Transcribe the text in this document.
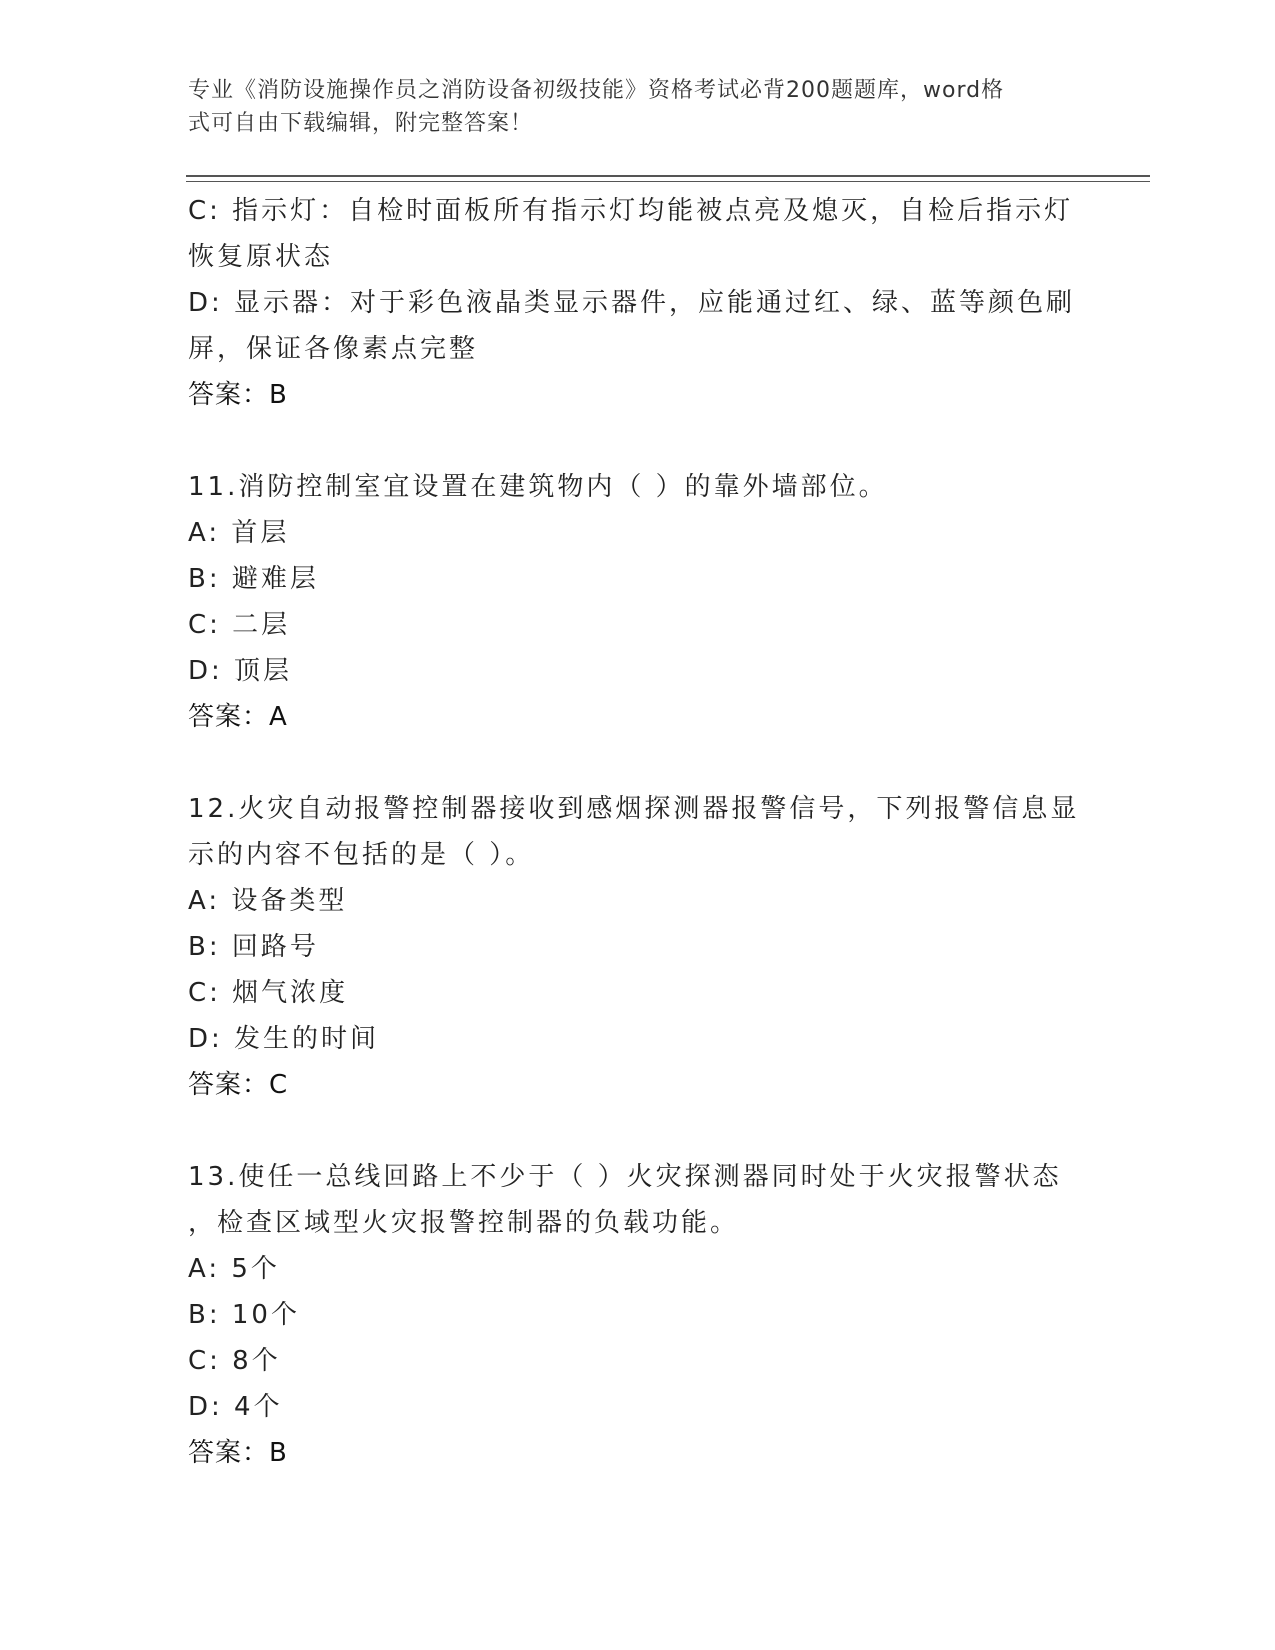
专业《消防设施操作员之消防设备初级技能》资格考试必背200题题库，word格
式可自由下载编辑，附完整答案！
C: 指示灯：自检时面板所有指示灯均能被点亮及熄灭，自检后指示灯
恢复原状态
D: 显示器：对于彩色液晶类显示器件，应能通过红、绿、蓝等颜色刷
屏，保证各像素点完整
答案：B
11.消防控制室宜设置在建筑物内（ ）的靠外墙部位。
A: 首层
B: 避难层
C: 二层
D: 顶层
答案：A
12.火灾自动报警控制器接收到感烟探测器报警信号，下列报警信息显
示的内容不包括的是（ ）。
A: 设备类型
B: 回路号
C: 烟气浓度
D: 发生的时间
答案：C
13.使任一总线回路上不少于（ ）火灾探测器同时处于火灾报警状态
，检查区域型火灾报警控制器的负载功能。
A: 5个
B: 10个
C: 8个
D: 4个
答案：B
